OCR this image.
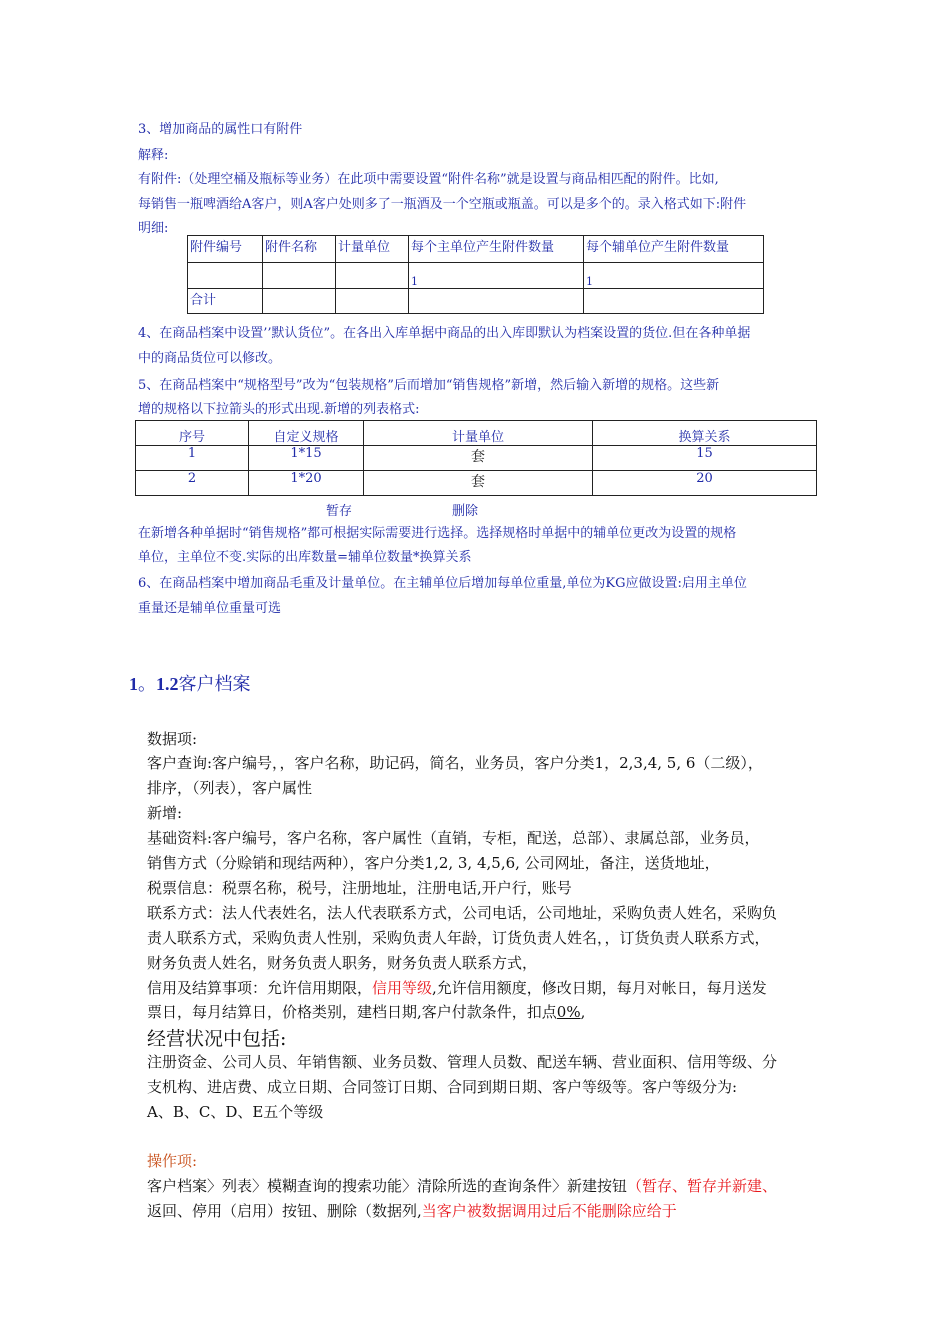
3、增加商品的属性口有附件
解释:
有附件:（处理空桶及瓶标等业务）在此项中需要设置“附件名称”就是设置与商品相匹配的附件。比如,
每销售一瓶啤酒给A客户，则A客户处则多了一瓶酒及一个空瓶或瓶盖。可以是多个的。录入格式如下:附件
明细:
附件编号	附件名称	计量单位	每个主单位产生附件数量	每个辅单位产生附件数量
			1	1
合计				
4、在商品档案中设置’’默认货位”。在各出入库单据中商品的出入库即默认为档案设置的货位.但在各种单据
中的商品货位可以修改。
5、在商品档案中“规格型号”改为“包装规格”后而增加“销售规格”新增，然后输入新增的规格。这些新
增的规格以下拉箭头的形式出现.新增的列表格式:
序号	自定义规格	计量单位	换算关系
1	1*15	套	15
2	1*20	套	20
暂存	删除
在新增各种单据时“销售规格”都可根据实际需要进行选择。选择规格时单据中的辅单位更改为设置的规格
单位，主单位不变.实际的出库数量=辅单位数量*换算关系
6、在商品档案中增加商品毛重及计量单位。在主辅单位后增加每单位重量,单位为KG应做设置:启用主单位
重量还是辅单位重量可选
1。1.2客户档案
数据项:
客户查询:客户编号，，客户名称，助记码，简名，业务员，客户分类1，2,3,4, 5, 6（二级），
排序，（列表），客户属性
新增:
基础资料:客户编号，客户名称，客户属性（直销，专柜，配送，总部）、隶属总部，业务员，
销售方式（分赊销和现结两种），客户分类1,2, 3, 4,5,6, 公司网址，备注，送货地址，
税票信息：税票名称，税号，注册地址，注册电话,开户行，账号
联系方式：法人代表姓名，法人代表联系方式，公司电话，公司地址，采购负责人姓名，采购负
责人联系方式，采购负责人性别，采购负责人年龄，订货负责人姓名，，订货负责人联系方式，
财务负责人姓名，财务负责人职务，财务负责人联系方式，
信用及结算事项：允许信用期限，信用等级,允许信用额度，修改日期，每月对帐日，每月送发
票日，每月结算日，价格类别，建档日期,客户付款条件，扣点0%,
经营状况中包括:
注册资金、公司人员、年销售额、业务员数、管理人员数、配送车辆、营业面积、信用等级、分
支机构、进店费、成立日期、合同签订日期、合同到期日期、客户等级等。客户等级分为:
A、B、C、D、E五个等级
操作项:
客户档案〉列表〉模糊查询的搜索功能〉清除所选的查询条件〉新建按钮（暂存、暂存并新建、
返回、停用（启用）按钮、删除（数据列,当客户被数据调用过后不能删除应给于
